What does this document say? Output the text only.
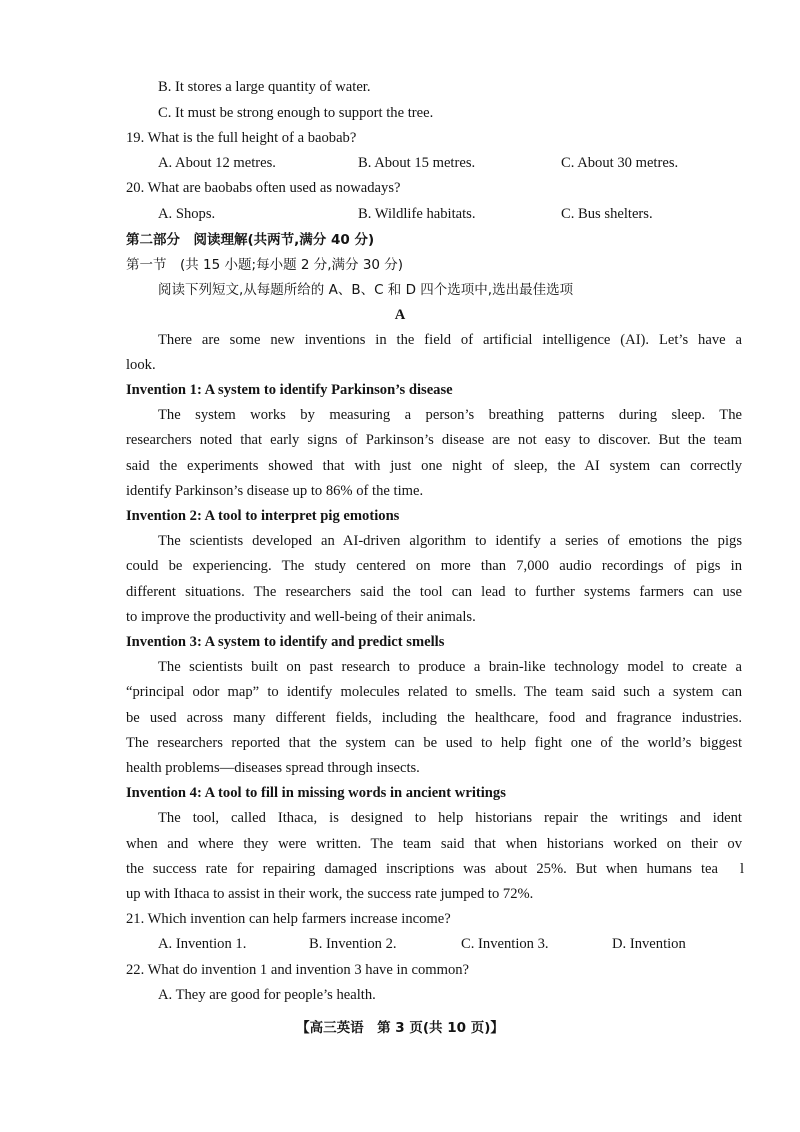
B. It stores a large quantity of water.
C. It must be strong enough to support the tree.
19. What is the full height of a baobab?
A. About 12 metres.	B. About 15 metres.	C. About 30 metres.
20. What are baobabs often used as nowadays?
A. Shops.	B. Wildlife habitats.	C. Bus shelters.
第二部分　阅读理解(共两节,满分 40 分)
第一节　(共 15 小题;每小题 2 分,满分 30 分)
阅读下列短文,从每题所给的 A、B、C 和 D 四个选项中,选出最佳选项
A
There are some new inventions in the field of artificial intelligence (AI). Let’s have a
look.
Invention 1: A system to identify Parkinson’s disease
The system works by measuring a person’s breathing patterns during sleep. The
researchers noted that early signs of Parkinson’s disease are not easy to discover. But the team
said the experiments showed that with just one night of sleep, the AI system can correctly
identify Parkinson’s disease up to 86% of the time.
Invention 2: A tool to interpret pig emotions
The scientists developed an AI-driven algorithm to identify a series of emotions the pigs
could be experiencing. The study centered on more than 7,000 audio recordings of pigs in
different situations. The researchers said the tool can lead to further systems farmers can use
to improve the productivity and well-being of their animals.
Invention 3: A system to identify and predict smells
The scientists built on past research to produce a brain-like technology model to create a
“principal odor map” to identify molecules related to smells. The team said such a system can
be used across many different fields, including the healthcare, food and fragrance industries.
The researchers reported that the system can be used to help fight one of the world’s biggest
health problems—diseases spread through insects.
Invention 4: A tool to fill in missing words in ancient writings
The tool, called Ithaca, is designed to help historians repair the writings and ident
when and where they were written. The team said that when historians worked on their ov
the success rate for repairing damaged inscriptions was about 25%. But when humans tea l
up with Ithaca to assist in their work, the success rate jumped to 72%.
21. Which invention can help farmers increase income?
A. Invention 1.	B. Invention 2.	C. Invention 3.	D. Invention
22. What do invention 1 and invention 3 have in common?
A. They are good for people’s health.
【高三英语　第 3 页(共 10 页)】
